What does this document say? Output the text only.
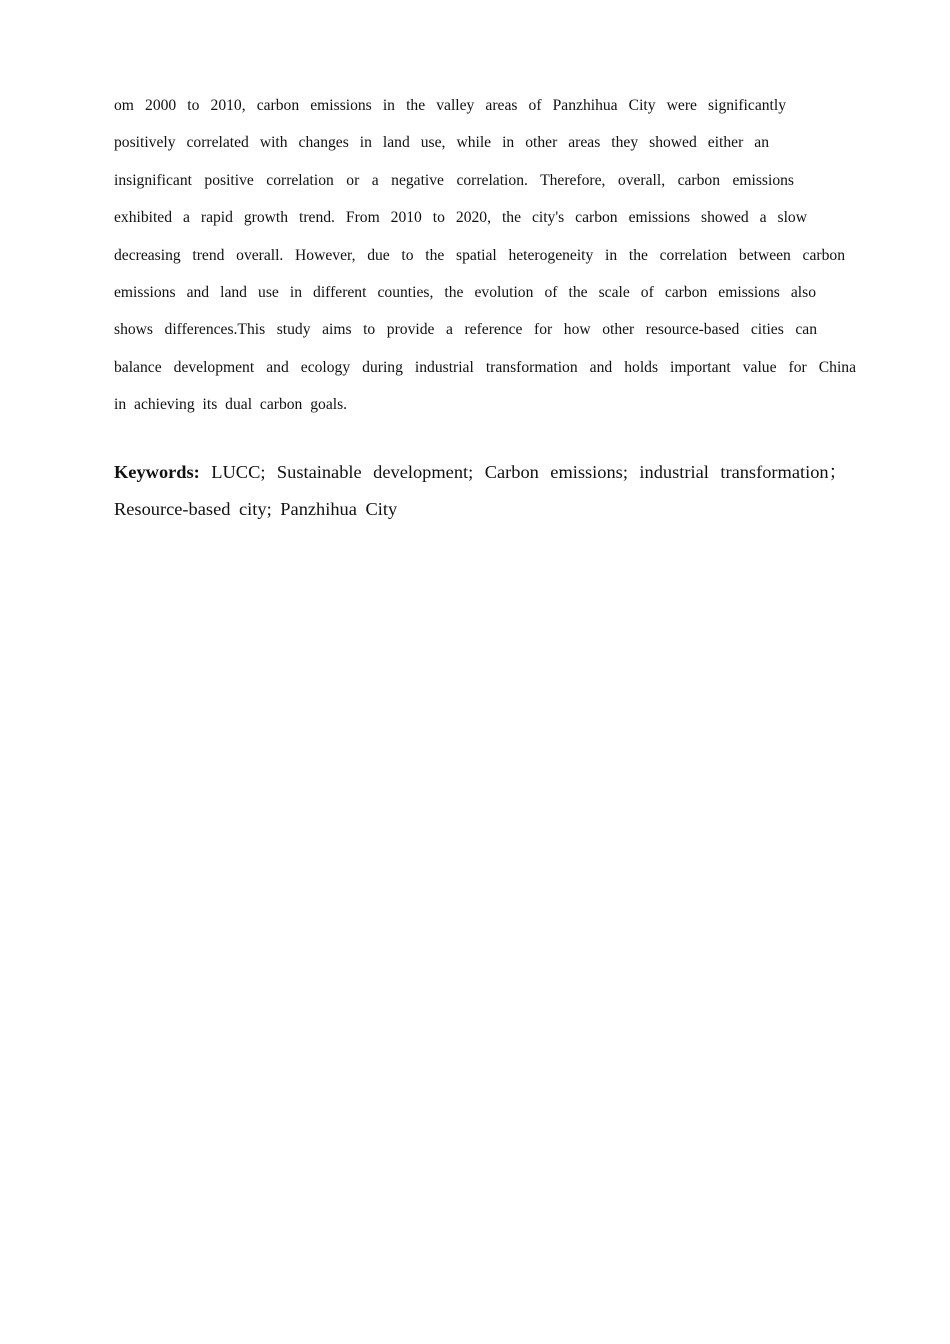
om 2000 to 2010, carbon emissions in the valley areas of Panzhihua City were significantly
positively correlated with changes in land use, while in other areas they showed either an
insignificant positive correlation or a negative correlation. Therefore, overall, carbon emissions
exhibited a rapid growth trend. From 2010 to 2020, the city's carbon emissions showed a slow
decreasing trend overall. However, due to the spatial heterogeneity in the correlation between carbon
emissions and land use in different counties, the evolution of the scale of carbon emissions also
shows differences.This study aims to provide a reference for how other resource-based cities can
balance development and ecology during industrial transformation and holds important value for China
in achieving its dual carbon goals.
Keywords: LUCC; Sustainable development; Carbon emissions; industrial transformation；
Resource-based city; Panzhihua City
